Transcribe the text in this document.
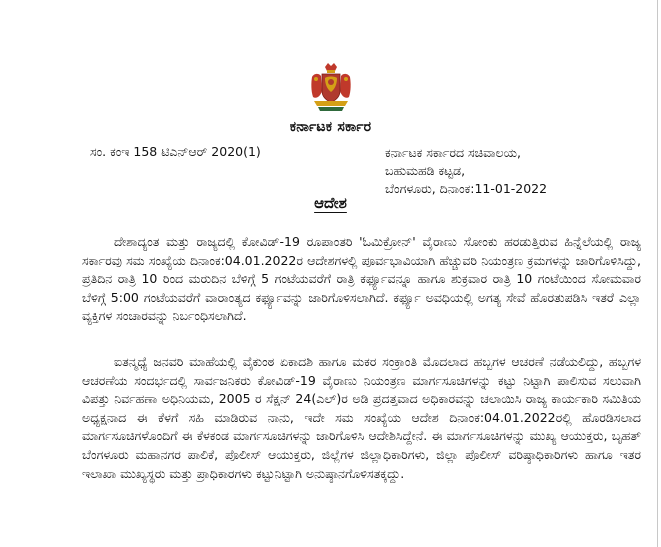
ಕರ್ನಾಟಕ ಸರ್ಕಾರ
ಸಂ. ಕಂಇ 158 ಟಿಎನ್ಆರ್ 2020(1)	ಕರ್ನಾಟಕ ಸರ್ಕಾರದ ಸಚಿವಾಲಯ,
ಬಹುಮಹಡಿ ಕಟ್ಟಡ,
ಬೆಂಗಳೂರು, ದಿನಾಂಕ:11-01-2022
ಆದೇಶ
ದೇಶಾದ್ಯಂತ ಮತ್ತು ರಾಜ್ಯದಲ್ಲಿ ಕೋವಿಡ್-19 ರೂಪಾಂತರಿ 'ಓಮಿಕ್ರೋನ್' ವೈರಾಣು ಸೋಂಕು ಹರಡುತ್ತಿರುವ ಹಿನ್ನೆಲೆಯಲ್ಲಿ ರಾಜ್ಯ ಸರ್ಕಾರವು ಸಮ ಸಂಖ್ಯೆಯ ದಿನಾಂಕ:04.01.2022ರ ಆದೇಶಗಳಲ್ಲಿ ಪೂರ್ವಭಾವಿಯಾಗಿ ಹೆಚ್ಚುವರಿ ನಿಯಂತ್ರಣ ಕ್ರಮಗಳನ್ನು ಜಾರಿಗೊಳಿಸಿದ್ದು, ಪ್ರತಿದಿನ ರಾತ್ರಿ 10 ರಿಂದ ಮರುದಿನ ಬೆಳಿಗ್ಗೆ 5 ಗಂಟೆಯವರೆಗೆ ರಾತ್ರಿ ಕರ್ಫ್ಯೂವನ್ನೂ ಹಾಗೂ ಶುಕ್ರವಾರ ರಾತ್ರಿ 10 ಗಂಟೆಯಿಂದ ಸೋಮವಾರ ಬೆಳಿಗ್ಗೆ 5:00 ಗಂಟೆಯವರೆಗೆ ವಾರಾಂತ್ಯದ ಕರ್ಫ್ಯೂವನ್ನು ಜಾರಿಗೊಳಿಸಲಾಗಿದೆ. ಕರ್ಫ್ಯೂ ಅವಧಿಯಲ್ಲಿ ಅಗತ್ಯ ಸೇವೆ ಹೊರತುಪಡಿಸಿ ಇತರೆ ಎಲ್ಲಾ ವ್ಯಕ್ತಿಗಳ ಸಂಚಾರವನ್ನು ನಿರ್ಬಂಧಿಸಲಾಗಿದೆ.
ಐತನ್ಮಧ್ಯೆ ಜನವರಿ ಮಾಹೆಯಲ್ಲಿ ವೈಕುಂಠ ಏಕಾದಶಿ ಹಾಗೂ ಮಕರ ಸಂಕ್ರಾಂತಿ ಮೊದಲಾದ ಹಬ್ಬಗಳ ಆಚರಣೆ ನಡೆಯಲಿದ್ದು, ಹಬ್ಬಗಳ ಆಚರಣೆಯ ಸಂದರ್ಭದಲ್ಲಿ ಸಾರ್ವಜನಿಕರು ಕೋವಿಡ್-19 ವೈರಾಣು ನಿಯಂತ್ರಣ ಮಾರ್ಗಸೂಚಿಗಳನ್ನು ಕಟ್ಟು ನಿಟ್ಟಾಗಿ ಪಾಲಿಸುವ ಸಲುವಾಗಿ ವಿಪತ್ತು ನಿರ್ವಹಣಾ ಅಧಿನಿಯಮ, 2005 ರ ಸೆಕ್ಷನ್ 24(ಎಲ್)ರ ಅಡಿ ಪ್ರದತ್ತವಾದ ಅಧಿಕಾರವನ್ನು ಚಲಾಯಿಸಿ ರಾಜ್ಯ ಕಾರ್ಯಕಾರಿ ಸಮಿತಿಯ ಅಧ್ಯಕ್ಷನಾದ ಈ ಕೆಳಗೆ ಸಹಿ ಮಾಡಿರುವ ನಾನು, ಇದೇ ಸಮ ಸಂಖ್ಯೆಯ ಆದೇಶ ದಿನಾಂಕ:04.01.2022ರಲ್ಲಿ ಹೊರಡಿಸಲಾದ ಮಾರ್ಗಸೂಚಿಗಳೊಂದಿಗೆ ಈ ಕೆಳಕಂಡ ಮಾರ್ಗಸೂಚಿಗಳನ್ನು ಜಾರಿಗೊಳಿಸಿ ಆದೇಶಿಸಿದ್ದೇನೆ. ಈ ಮಾರ್ಗಸೂಚಿಗಳನ್ನು ಮುಖ್ಯ ಆಯುಕ್ತರು, ಬೃಹತ್ ಬೆಂಗಳೂರು ಮಹಾನಗರ ಪಾಲಿಕೆ, ಪೊಲೀಸ್ ಆಯುಕ್ತರು, ಜಿಲ್ಲೆಗಳ ಜಿಲ್ಲಾಧಿಕಾರಿಗಳು, ಜಿಲ್ಲಾ ಪೊಲೀಸ್ ವರಿಷ್ಠಾಧಿಕಾರಿಗಳು ಹಾಗೂ ಇತರ ಇಲಾಖಾ ಮುಖ್ಯಸ್ಥರು ಮತ್ತು ಪ್ರಾಧಿಕಾರಗಳು ಕಟ್ಟುನಿಟ್ಟಾಗಿ ಅನುಷ್ಠಾನಗೊಳಿಸತಕ್ಕದ್ದು.
